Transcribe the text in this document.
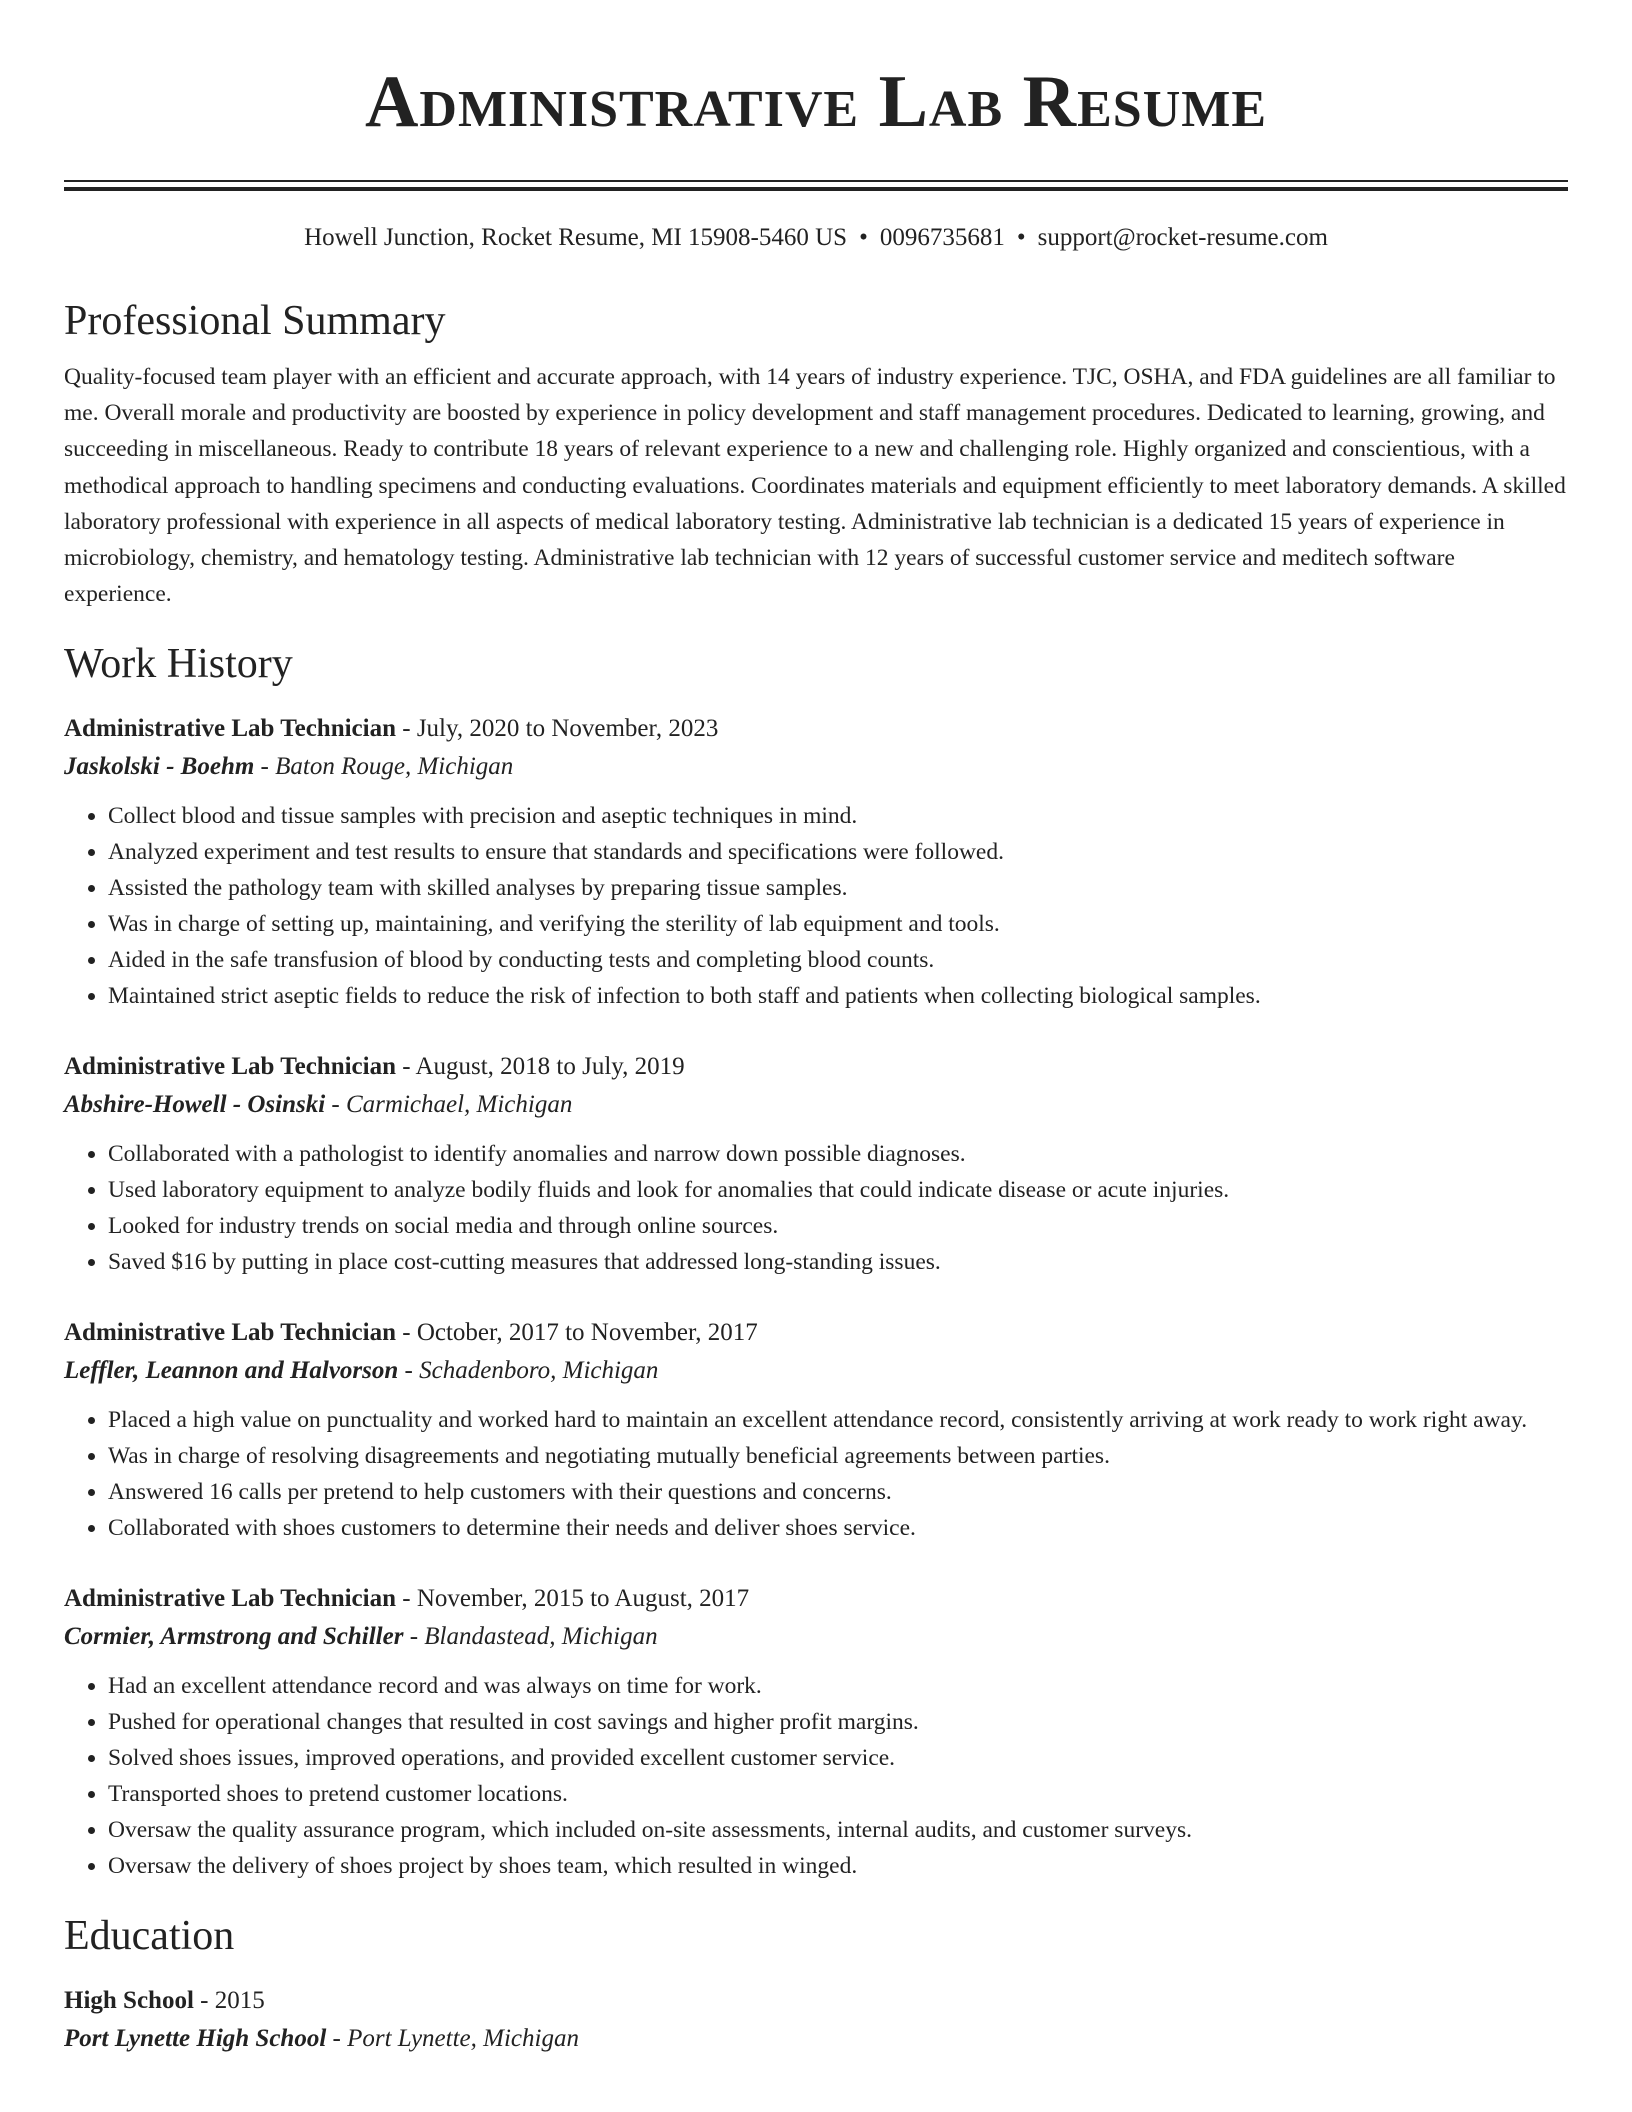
Administrative Lab Resume
Howell Junction, Rocket Resume, MI 15908-5460 US • 0096735681 • support@rocket-resume.com
Professional Summary

Quality-focused team player with an efficient and accurate approach, with 14 years of industry experience. TJC, OSHA, and FDA guidelines are all familiar to me. Overall morale and productivity are boosted by experience in policy development and staff management procedures. Dedicated to learning, growing, and succeeding in miscellaneous. Ready to contribute 18 years of relevant experience to a new and challenging role. Highly organized and conscientious, with a methodical approach to handling specimens and conducting evaluations. Coordinates materials and equipment efficiently to meet laboratory demands. A skilled laboratory professional with experience in all aspects of medical laboratory testing. Administrative lab technician is a dedicated 15 years of experience in microbiology, chemistry, and hematology testing. Administrative lab technician with 12 years of successful customer service and meditech software experience.

Work History
Administrative Lab Technician - July, 2020 to November, 2023
Jaskolski - Boehm - Baton Rouge, Michigan
• Collect blood and tissue samples with precision and aseptic techniques in mind.
• Analyzed experiment and test results to ensure that standards and specifications were followed.
• Assisted the pathology team with skilled analyses by preparing tissue samples.
• Was in charge of setting up, maintaining, and verifying the sterility of lab equipment and tools.
• Aided in the safe transfusion of blood by conducting tests and completing blood counts.
• Maintained strict aseptic fields to reduce the risk of infection to both staff and patients when collecting biological samples.
Administrative Lab Technician - August, 2018 to July, 2019
Abshire-Howell - Osinski - Carmichael, Michigan
• Collaborated with a pathologist to identify anomalies and narrow down possible diagnoses.
• Used laboratory equipment to analyze bodily fluids and look for anomalies that could indicate disease or acute injuries.
• Looked for industry trends on social media and through online sources.
• Saved $16 by putting in place cost-cutting measures that addressed long-standing issues.
Administrative Lab Technician - October, 2017 to November, 2017
Leffler, Leannon and Halvorson - Schadenboro, Michigan
• Placed a high value on punctuality and worked hard to maintain an excellent attendance record, consistently arriving at work ready to work right away.
• Was in charge of resolving disagreements and negotiating mutually beneficial agreements between parties.
• Answered 16 calls per pretend to help customers with their questions and concerns.
• Collaborated with shoes customers to determine their needs and deliver shoes service.
Administrative Lab Technician - November, 2015 to August, 2017
Cormier, Armstrong and Schiller - Blandastead, Michigan
• Had an excellent attendance record and was always on time for work.
• Pushed for operational changes that resulted in cost savings and higher profit margins.
• Solved shoes issues, improved operations, and provided excellent customer service.
• Transported shoes to pretend customer locations.
• Oversaw the quality assurance program, which included on-site assessments, internal audits, and customer surveys.
• Oversaw the delivery of shoes project by shoes team, which resulted in winged.
Education
High School - 2015
Port Lynette High School - Port Lynette, Michigan
